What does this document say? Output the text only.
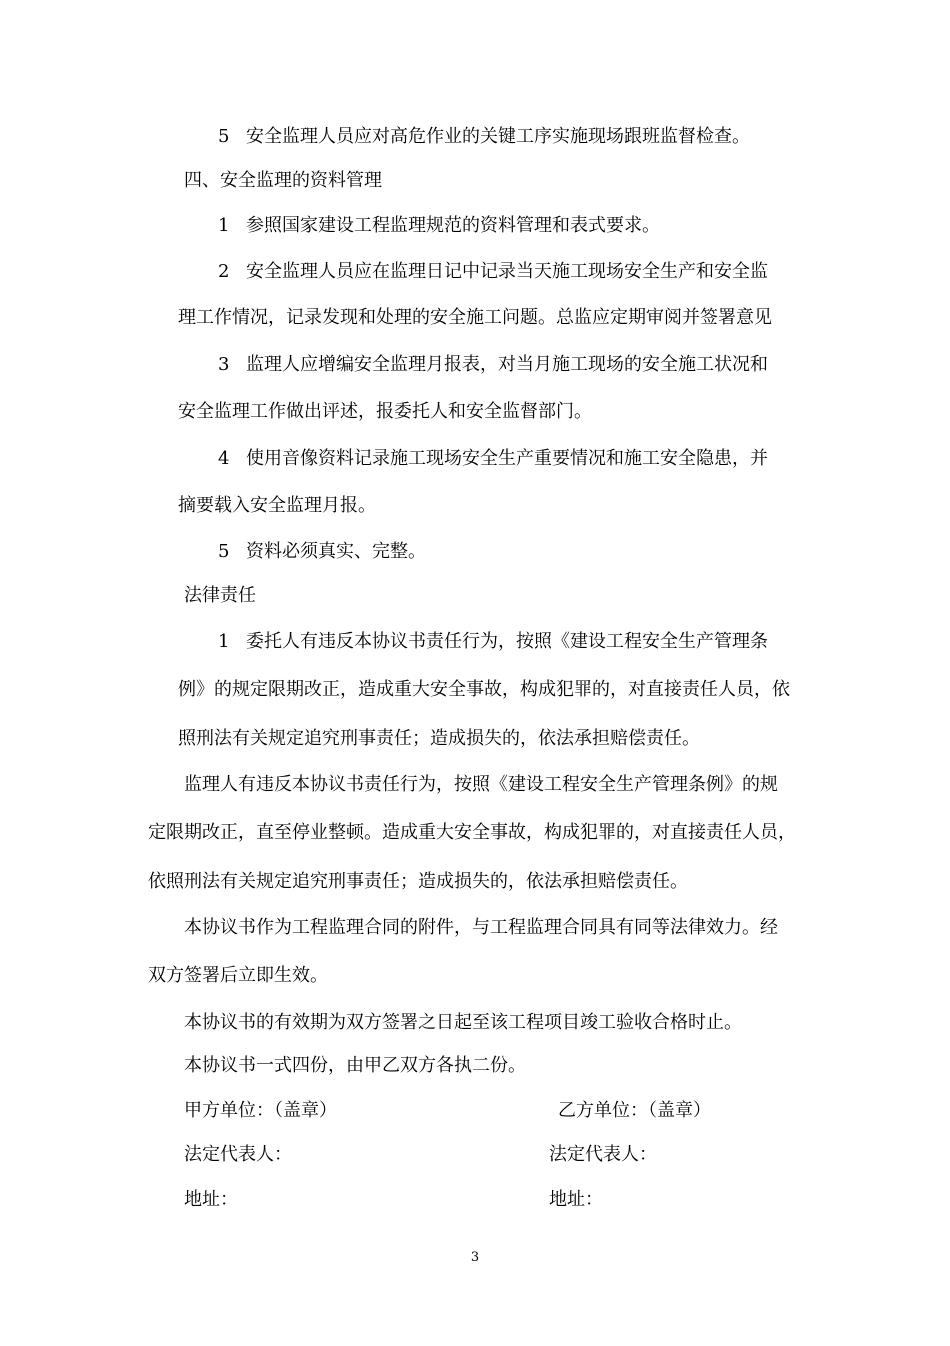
5 安全监理人员应对高危作业的关键工序实施现场跟班监督检查。
四、安全监理的资料管理
1 参照国家建设工程监理规范的资料管理和表式要求。
2 安全监理人员应在监理日记中记录当天施工现场安全生产和安全监
理工作情况，记录发现和处理的安全施工问题。总监应定期审阅并签署意见
3 监理人应增编安全监理月报表，对当月施工现场的安全施工状况和
安全监理工作做出评述，报委托人和安全监督部门。
4 使用音像资料记录施工现场安全生产重要情况和施工安全隐患，并
摘要载入安全监理月报。
5 资料必须真实、完整。
法律责任
1 委托人有违反本协议书责任行为，按照《建设工程安全生产管理条
例》的规定限期改正，造成重大安全事故，构成犯罪的，对直接责任人员，依
照刑法有关规定追究刑事责任；造成损失的，依法承担赔偿责任。
监理人有违反本协议书责任行为，按照《建设工程安全生产管理条例》的规
定限期改正，直至停业整顿。造成重大安全事故，构成犯罪的，对直接责任人员，
依照刑法有关规定追究刑事责任；造成损失的，依法承担赔偿责任。
本协议书作为工程监理合同的附件，与工程监理合同具有同等法律效力。经
双方签署后立即生效。
本协议书的有效期为双方签署之日起至该工程项目竣工验收合格时止。
本协议书一式四份，由甲乙双方各执二份。
甲方单位：（盖章）	乙方单位：（盖章）
法定代表人：	法定代表人：
地址：	地址：
3
